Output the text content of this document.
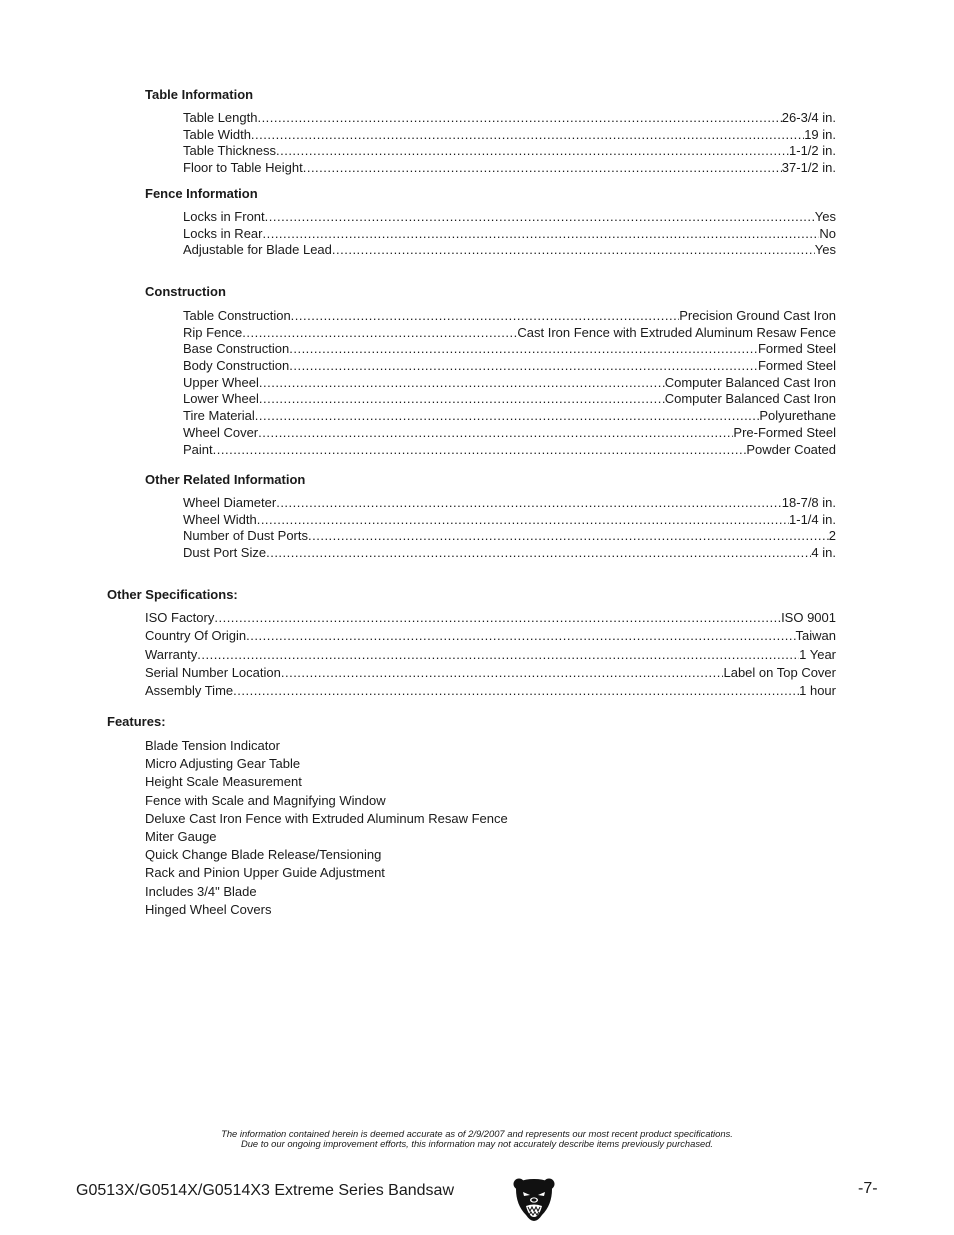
Table Information
Table Length .....	26-3/4 in.
Table Width .....	19 in.
Table Thickness .....	1-1/2 in.
Floor to Table Height .....	37-1/2 in.
Fence Information
Locks in Front .....	Yes
Locks in Rear .....	No
Adjustable for Blade Lead .....	Yes
Construction
Table Construction .....	Precision Ground Cast Iron
Rip Fence .....	Cast Iron Fence with Extruded Aluminum Resaw Fence
Base Construction .....	Formed Steel
Body Construction .....	Formed Steel
Upper Wheel .....	Computer Balanced Cast Iron
Lower Wheel .....	Computer Balanced Cast Iron
Tire Material .....	Polyurethane
Wheel Cover .....	Pre-Formed Steel
Paint .....	Powder Coated
Other Related Information
Wheel Diameter .....	18-7/8 in.
Wheel Width .....	1-1/4 in.
Number of Dust Ports .....	2
Dust Port Size .....	4 in.
Other Specifications:
ISO Factory .....	ISO 9001
Country Of Origin .....	Taiwan
Warranty .....	1 Year
Serial Number Location .....	Label on Top Cover
Assembly Time .....	1 hour
Features:
Blade Tension Indicator
Micro Adjusting Gear Table
Height Scale Measurement
Fence with Scale and Magnifying Window
Deluxe Cast Iron Fence with Extruded Aluminum Resaw Fence
Miter Gauge
Quick Change Blade Release/Tensioning
Rack and Pinion Upper Guide Adjustment
Includes 3/4" Blade
Hinged Wheel Covers
The information contained herein is deemed accurate as of 2/9/2007 and represents our most recent product specifications.
Due to our ongoing improvement efforts, this information may not accurately describe items previously purchased.
G0513X/G0514X/G0514X3 Extreme Series Bandsaw	-7-
